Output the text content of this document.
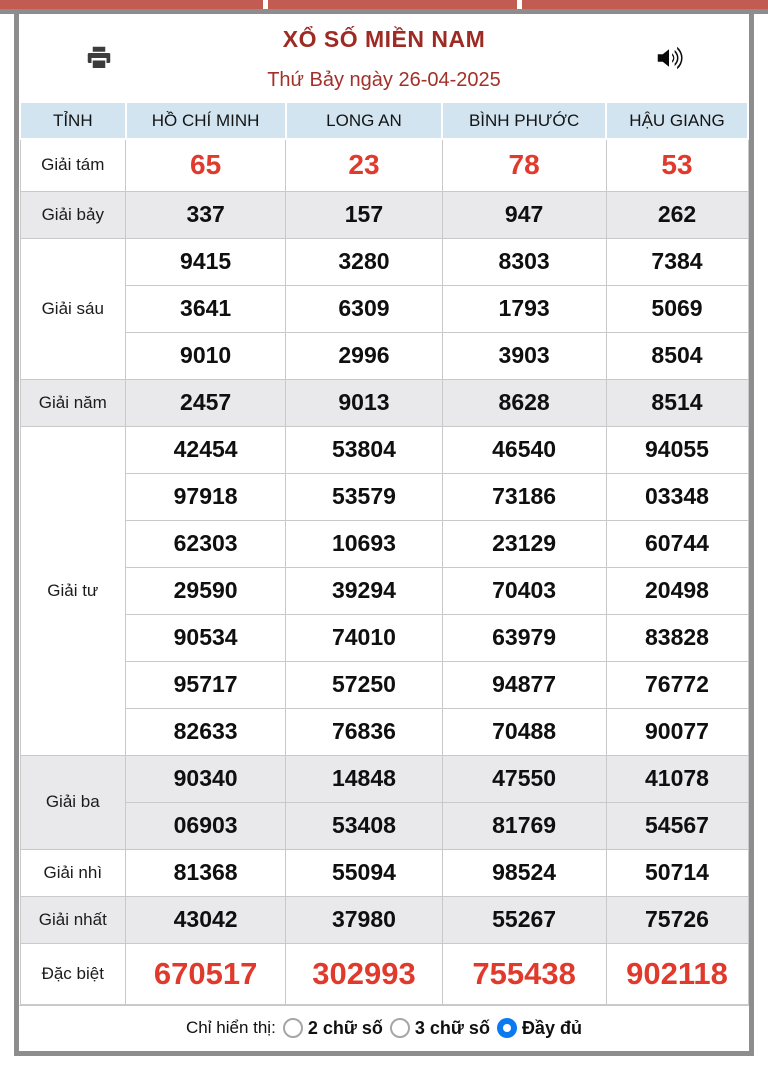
XỔ SỐ MIỀN NAM
Thứ Bảy ngày 26-04-2025
TỈNH	HỒ CHÍ MINH	LONG AN	BÌNH PHƯỚC	HẬU GIANG
Giải tám	65	23	78	53
Giải bảy	337	157	947	262
Giải sáu	9415	3280	8303	7384
	3641	6309	1793	5069
	9010	2996	3903	8504
Giải năm	2457	9013	8628	8514
Giải tư	42454	53804	46540	94055
	97918	53579	73186	03348
	62303	10693	23129	60744
	29590	39294	70403	20498
	90534	74010	63979	83828
	95717	57250	94877	76772
	82633	76836	70488	90077
Giải ba	90340	14848	47550	41078
	06903	53408	81769	54567
Giải nhì	81368	55094	98524	50714
Giải nhất	43042	37980	55267	75726
Đặc biệt	670517	302993	755438	902118
Chỉ hiển thị: 2 chữ số 3 chữ số Đầy đủ
